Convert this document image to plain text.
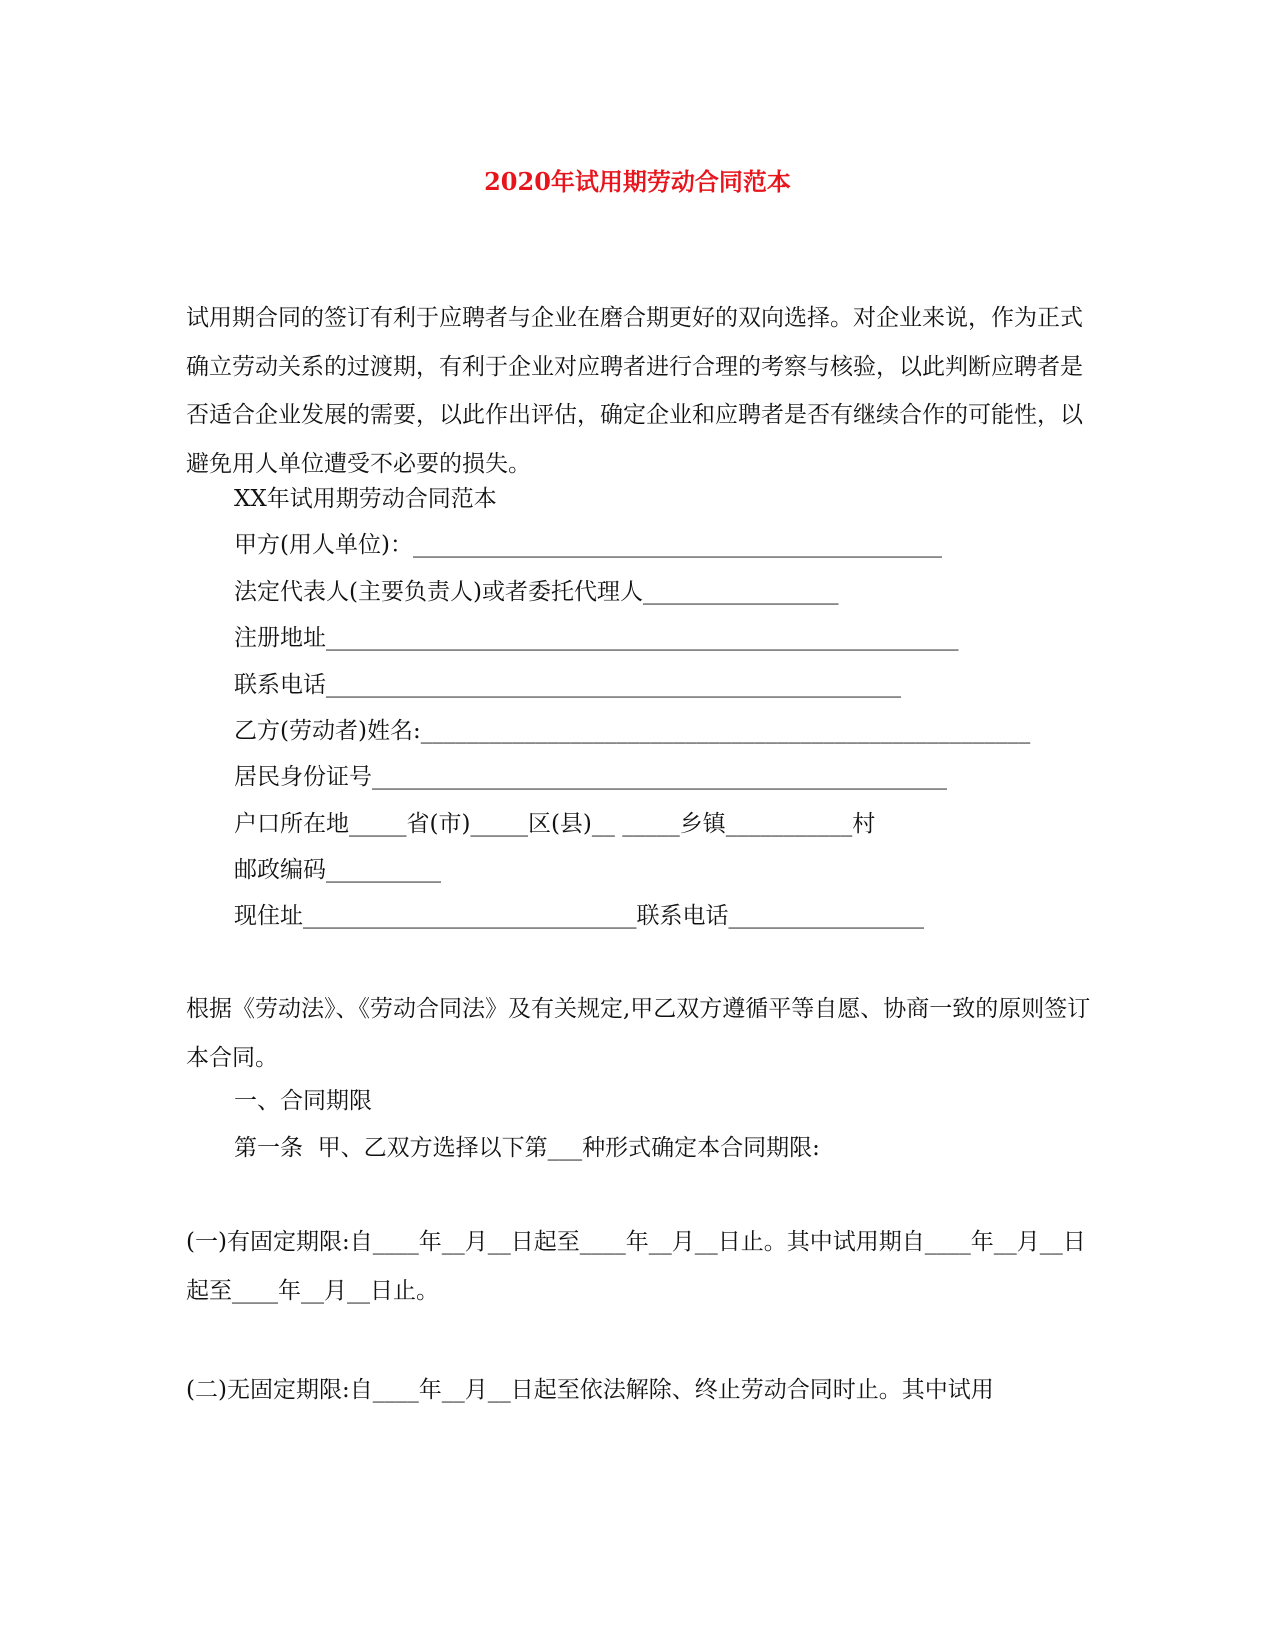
2020年试用期劳动合同范本
试用期合同的签订有利于应聘者与企业在磨合期更好的双向选择。对企业来说，作为正式确立劳动关系的过渡期，有利于企业对应聘者进行合理的考察与核验，以此判断应聘者是否适合企业发展的需要，以此作出评估，确定企业和应聘者是否有继续合作的可能性，以避免用人单位遭受不必要的损失。
XX年试用期劳动合同范本
甲方(用人单位)：______________________________________________
法定代表人(主要负责人)或者委托代理人_________________
注册地址_______________________________________________________
联系电话__________________________________________________
乙方(劳动者)姓名:_____________________________________________________
居民身份证号__________________________________________________
户口所在地_____省(市)_____区(县)__ _____乡镇___________村
邮政编码__________
现住址_____________________________联系电话_________________
根据《劳动法》、《劳动合同法》及有关规定,甲乙双方遵循平等自愿、协商一致的原则签订本合同。
一、合同期限
第一条  甲、乙双方选择以下第___种形式确定本合同期限:
(一)有固定期限:自____年__月__日起至____年__月__日止。其中试用期自____年__月__日起至____年__月__日止。
(二)无固定期限:自____年__月__日起至依法解除、终止劳动合同时止。其中试用
